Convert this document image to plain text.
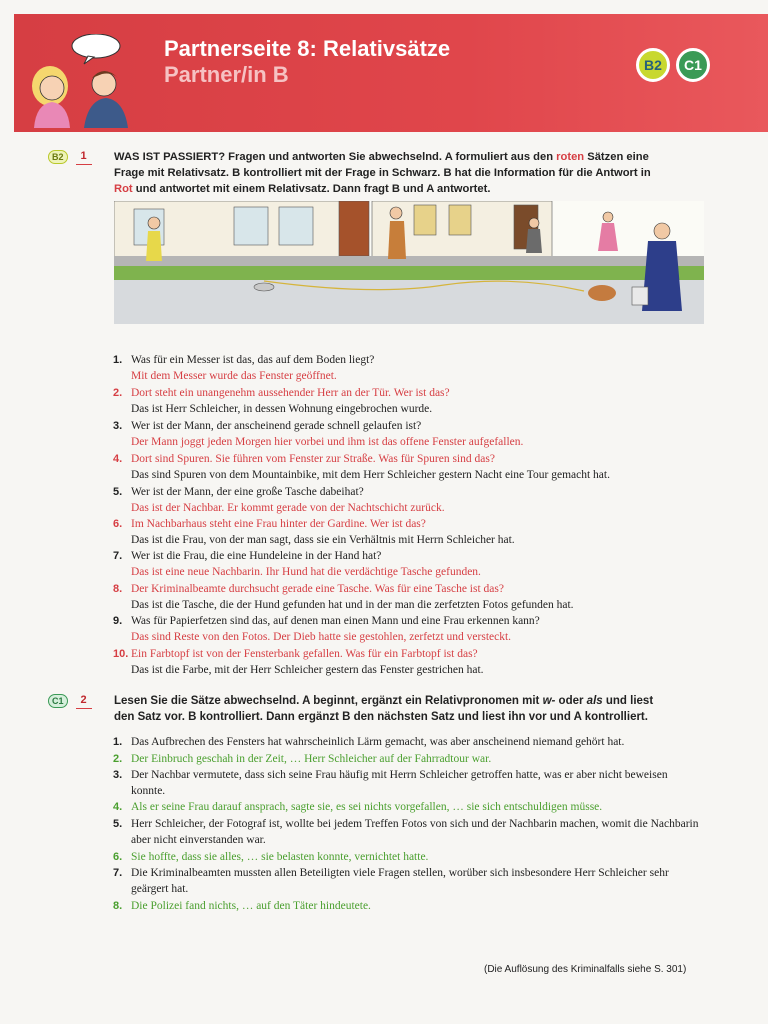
Partnerseite 8: Relativsätze
Partner/in B	B2	C1
B2	1	WAS IST PASSIERT? Fragen und antworten Sie abwechselnd. A formuliert aus den roten Sätzen eine
Frage mit Relativsatz. B kontrolliert mit der Frage in Schwarz. B hat die Information für die Antwort in
Rot und antwortet mit einem Relativsatz. Dann fragt B und A antwortet.
1. Was für ein Messer ist das, das auf dem Boden liegt?
Mit dem Messer wurde das Fenster geöffnet.
2. Dort steht ein unangenehm aussehender Herr an der Tür. Wer ist das?
Das ist Herr Schleicher, in dessen Wohnung eingebrochen wurde.
3. Wer ist der Mann, der anscheinend gerade schnell gelaufen ist?
Der Mann joggt jeden Morgen hier vorbei und ihm ist das offene Fenster aufgefallen.
4. Dort sind Spuren. Sie führen vom Fenster zur Straße. Was für Spuren sind das?
Das sind Spuren von dem Mountainbike, mit dem Herr Schleicher gestern Nacht eine Tour gemacht hat.
5. Wer ist der Mann, der eine große Tasche dabeihat?
Das ist der Nachbar. Er kommt gerade von der Nachtschicht zurück.
6. Im Nachbarhaus steht eine Frau hinter der Gardine. Wer ist das?
Das ist die Frau, von der man sagt, dass sie ein Verhältnis mit Herrn Schleicher hat.
7. Wer ist die Frau, die eine Hundeleine in der Hand hat?
Das ist eine neue Nachbarin. Ihr Hund hat die verdächtige Tasche gefunden.
8. Der Kriminalbeamte durchsucht gerade eine Tasche. Was für eine Tasche ist das?
Das ist die Tasche, die der Hund gefunden hat und in der man die zerfetzten Fotos gefunden hat.
9. Was für Papierfetzen sind das, auf denen man einen Mann und eine Frau erkennen kann?
Das sind Reste von den Fotos. Der Dieb hatte sie gestohlen, zerfetzt und versteckt.
10. Ein Farbtopf ist von der Fensterbank gefallen. Was für ein Farbtopf ist das?
Das ist die Farbe, mit der Herr Schleicher gestern das Fenster gestrichen hat.
C1	2	Lesen Sie die Sätze abwechselnd. A beginnt, ergänzt ein Relativpronomen mit w- oder als und liest
den Satz vor. B kontrolliert. Dann ergänzt B den nächsten Satz und liest ihn vor und A kontrolliert.
1. Das Aufbrechen des Fensters hat wahrscheinlich Lärm gemacht, was aber anscheinend niemand gehört hat.
2. Der Einbruch geschah in der Zeit, … Herr Schleicher auf der Fahrradtour war.
3. Der Nachbar vermutete, dass sich seine Frau häufig mit Herrn Schleicher getroffen hatte, was er aber nicht beweisen konnte.
4. Als er seine Frau darauf ansprach, sagte sie, es sei nichts vorgefallen, … sie sich entschuldigen müsse.
5. Herr Schleicher, der Fotograf ist, wollte bei jedem Treffen Fotos von sich und der Nachbarin machen, womit die Nachbarin aber nicht einverstanden war.
6. Sie hoffte, dass sie alles, … sie belasten konnte, vernichtet hatte.
7. Die Kriminalbeamten mussten allen Beteiligten viele Fragen stellen, worüber sich insbesondere Herr Schleicher sehr geärgert hat.
8. Die Polizei fand nichts, … auf den Täter hindeutete.
(Die Auflösung des Kriminalfalls siehe S. 301)
